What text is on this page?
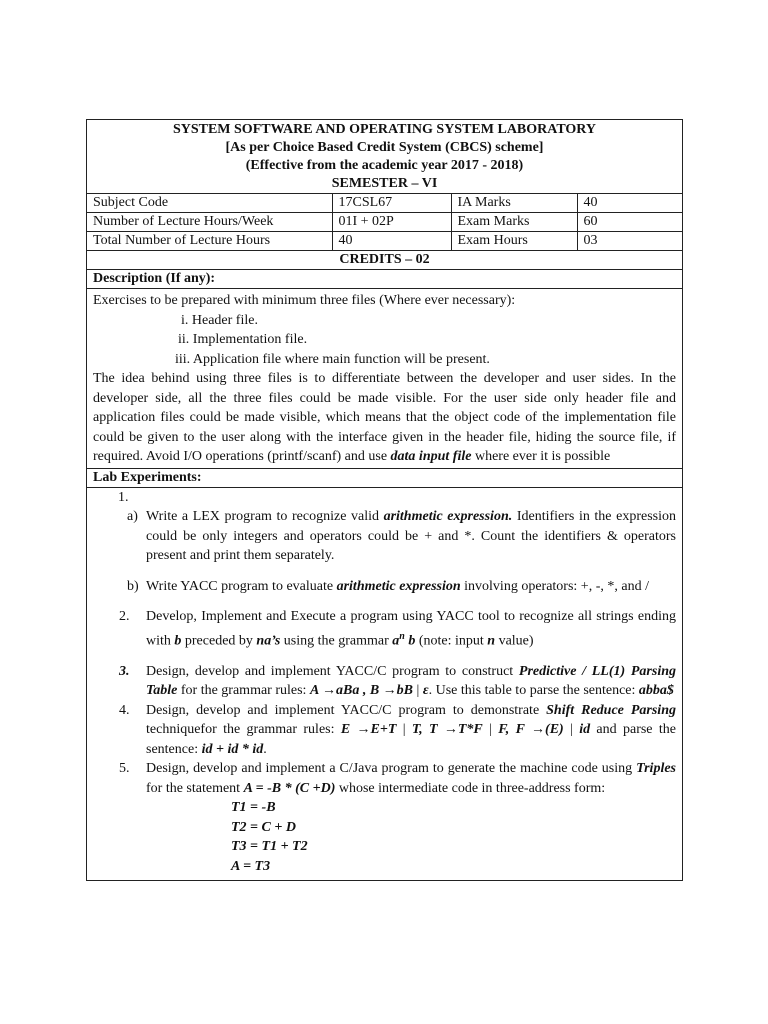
SYSTEM SOFTWARE AND OPERATING SYSTEM LABORATORY
[As per Choice Based Credit System (CBCS) scheme]
(Effective from the academic year 2017 - 2018)
SEMESTER – VI
Subject Code	17CSL67	IA Marks	40
Number of Lecture Hours/Week	01I + 02P	Exam Marks	60
Total Number of Lecture Hours	40	Exam Hours	03
CREDITS – 02
Description (If any):
Exercises to be prepared with minimum three files (Where ever necessary):
i. Header file.
ii. Implementation file.
iii. Application file where main function will be present.
The idea behind using three files is to differentiate between the developer and user sides. In the developer side, all the three files could be made visible. For the user side only header file and application files could be made visible, which means that the object code of the implementation file could be given to the user along with the interface given in the header file, hiding the source file, if required. Avoid I/O operations (printf/scanf) and use data input file where ever it is possible
Lab Experiments:
1.
a) Write a LEX program to recognize valid arithmetic expression. Identifiers in the expression could be only integers and operators could be + and *. Count the identifiers & operators present and print them separately.
b) Write YACC program to evaluate arithmetic expression involving operators: +, -, *, and /
2. Develop, Implement and Execute a program using YACC tool to recognize all strings ending with b preceded by na’s using the grammar $a^n$ b (note: input n value)
3. Design, develop and implement YACC/C program to construct Predictive / LL(1) Parsing Table for the grammar rules: A →aBa , B →bB | ε. Use this table to parse the sentence: abba$
4. Design, develop and implement YACC/C program to demonstrate Shift Reduce Parsing techniquefor the grammar rules: E →E+T | T, T →T*F | F, F →(E) | id and parse the sentence: id + id * id.
5. Design, develop and implement a C/Java program to generate the machine code using Triples for the statement A = -B * (C +D) whose intermediate code in three-address form:
T1 = -B
T2 = C + D
T3 = T1 + T2
A = T3
